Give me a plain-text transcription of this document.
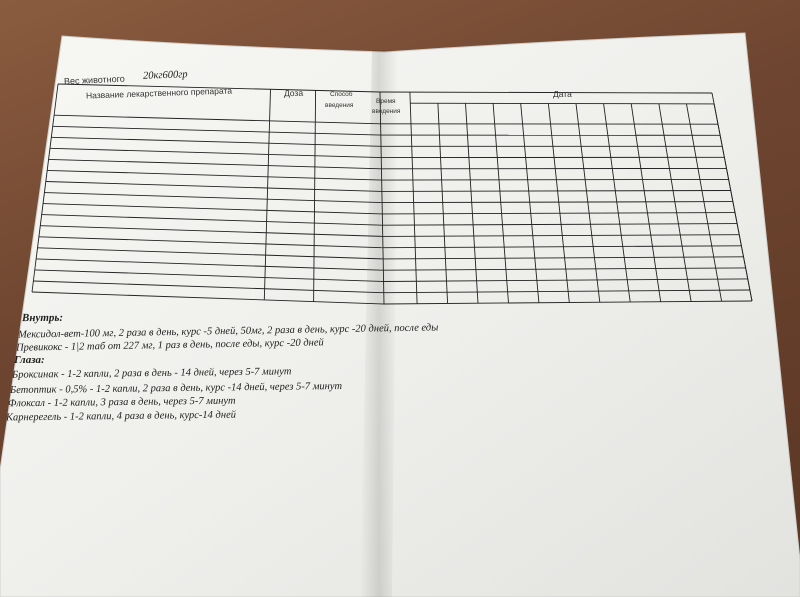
Вес животного 20кг600гр
Название лекарственного препарата	Доза	Способ
введения
Время
введения
Дата
Внутрь:
Мексидол-вет-100 мг, 2 раза в день, курс -5 дней, 50мг, 2 раза в день, курс -20 дней, после еды
Превикокс - 1|2 таб от 227 мг, 1 раз в день, после еды, курс -20 дней
Глаза:
Броксинак - 1-2 капли, 2 раза в день - 14 дней, через 5-7 минут
Бетоптик - 0,5% - 1-2 капли, 2 раза в день, курс -14 дней, через 5-7 минут
Флоксал - 1-2 капли, 3 раза в день, через 5-7 минут
Карнерегель - 1-2 капли, 4 раза в день, курс-14 дней
